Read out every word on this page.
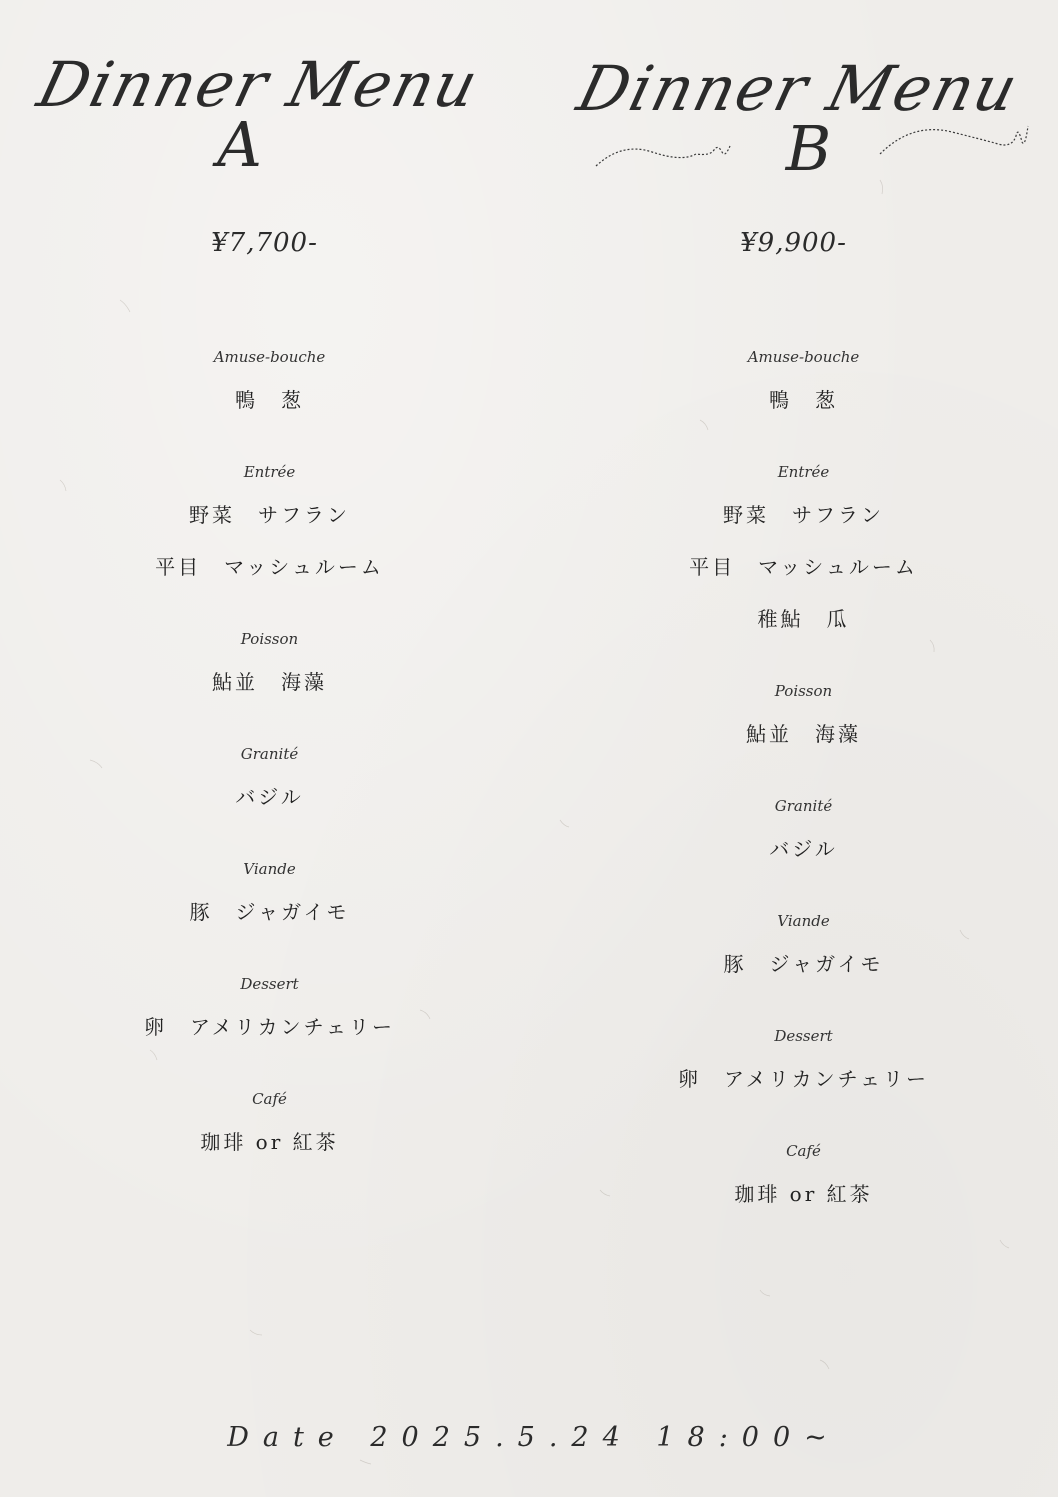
Dinner Menu
A
¥7,700-
Amuse-bouche
鴨　葱
Entrée
野菜　サフラン
平目　マッシュルーム
Poisson
鮎並　海藻
Granité
バジル
Viande
豚　ジャガイモ
Dessert
卵　アメリカンチェリー
Café
珈琲 or 紅茶
Dinner Menu
B
¥9,900-
Amuse-bouche
鴨　葱
Entrée
野菜　サフラン
平目　マッシュルーム
稚鮎　瓜
Poisson
鮎並　海藻
Granité
バジル
Viande
豚　ジャガイモ
Dessert
卵　アメリカンチェリー
Café
珈琲 or 紅茶
Date 2025.5.24 18:00~
